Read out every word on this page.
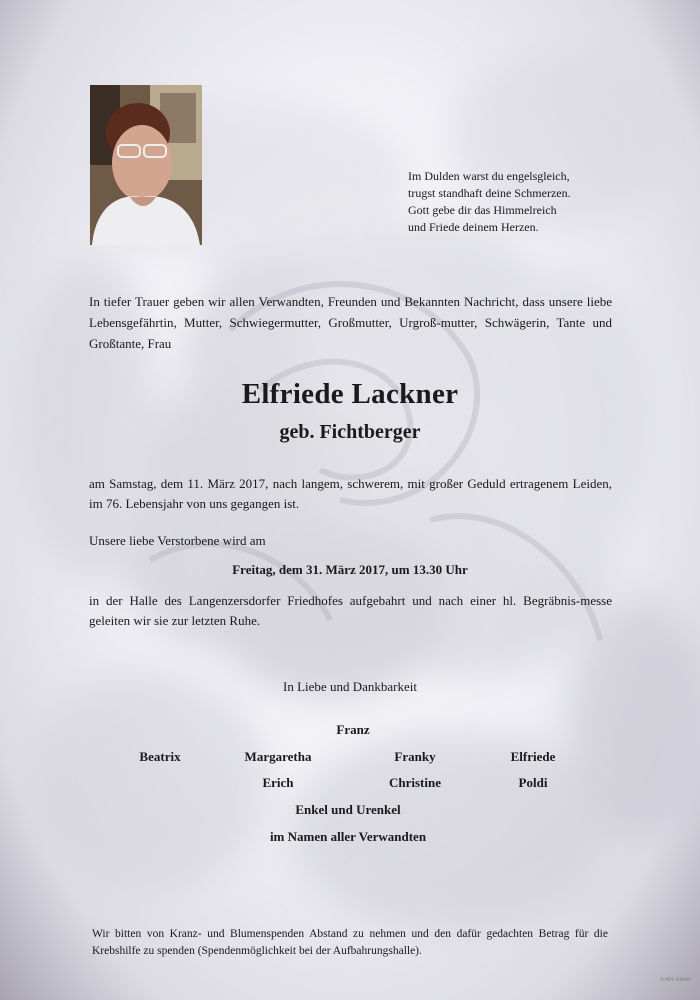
Im Dulden warst du engelsgleich,
trugst standhaft deine Schmerzen.
Gott gebe dir das Himmelreich
und Friede deinem Herzen.
In tiefer Trauer geben wir allen Verwandten, Freunden und Bekannten Nachricht, dass unsere liebe Lebensgefährtin, Mutter, Schwiegermutter, Großmutter, Urgroß-mutter, Schwägerin, Tante und Großtante, Frau
Elfriede Lackner
geb. Fichtberger
am Samstag, dem 11. März 2017, nach langem, schwerem, mit großer Geduld ertragenem Leiden, im 76. Lebensjahr von uns gegangen ist.
Unsere liebe Verstorbene wird am
Freitag, dem 31. März 2017, um 13.30 Uhr
in der Halle des Langenzersdorfer Friedhofes aufgebahrt und nach einer hl. Begräbnis-messe geleiten wir sie zur letzten Ruhe.
In Liebe und Dankbarkeit
Franz
Beatrix	Margaretha	Franky	Elfriede
Erich	Christine	Poldi
Enkel und Urenkel
im Namen aller Verwandten
Wir bitten von Kranz- und Blumenspenden Abstand zu nehmen und den dafür gedachten Betrag für die Krebshilfe zu spenden (Spendenmöglichkeit bei der Aufbahrungshalle).
© PBV 000000
